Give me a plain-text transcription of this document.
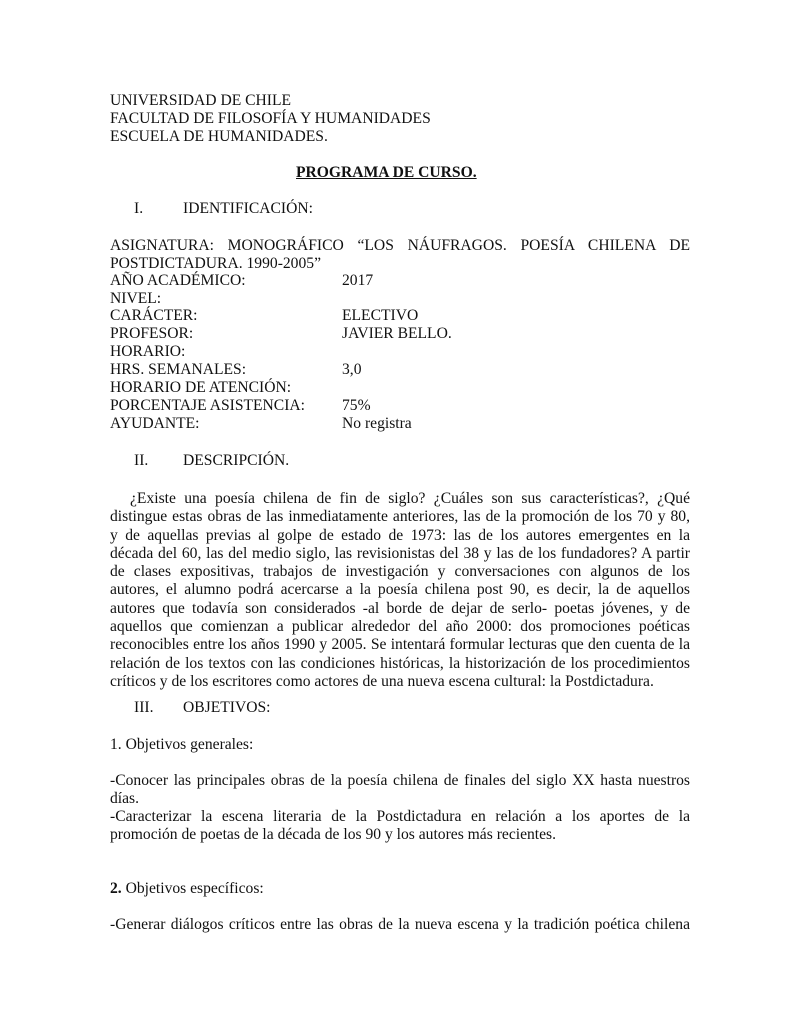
UNIVERSIDAD DE CHILE
FACULTAD DE FILOSOFÍA Y HUMANIDADES
ESCUELA DE HUMANIDADES.
PROGRAMA DE CURSO.
I.	IDENTIFICACIÓN:
ASIGNATURA: MONOGRÁFICO “LOS NÁUFRAGOS. POESÍA CHILENA DE
POSTDICTADURA. 1990-2005”
AÑO ACADÉMICO:	2017
NIVEL:
CARÁCTER:	ELECTIVO
PROFESOR:	JAVIER BELLO.
HORARIO:
HRS. SEMANALES:	3,0
HORARIO DE ATENCIÓN:
PORCENTAJE ASISTENCIA: 75%
AYUDANTE:	No registra
II. DESCRIPCIÓN.
¿Existe una poesía chilena de fin de siglo? ¿Cuáles son sus características?, ¿Qué
distingue estas obras de las inmediatamente anteriores, las de la promoción de los 70 y 80,
y de aquellas previas al golpe de estado de 1973: las de los autores emergentes en la
década del 60, las del medio siglo, las revisionistas del 38 y las de los fundadores? A partir
de clases expositivas, trabajos de investigación y conversaciones con algunos de los
autores, el alumno podrá acercarse a la poesía chilena post 90, es decir, la de aquellos
autores que todavía son considerados -al borde de dejar de serlo- poetas jóvenes, y de
aquellos que comienzan a publicar alrededor del año 2000: dos promociones poéticas
reconocibles entre los años 1990 y 2005. Se intentará formular lecturas que den cuenta de la
relación de los textos con las condiciones históricas, la historización de los procedimientos
críticos y de los escritores como actores de una nueva escena cultural: la Postdictadura.
III. OBJETIVOS:
1. Objetivos generales:
-Conocer las principales obras de la poesía chilena de finales del siglo XX hasta nuestros
días.
-Caracterizar la escena literaria de la Postdictadura en relación a los aportes de la
promoción de poetas de la década de los 90 y los autores más recientes.
2. Objetivos específicos:
-Generar diálogos críticos entre las obras de la nueva escena y la tradición poética chilena
